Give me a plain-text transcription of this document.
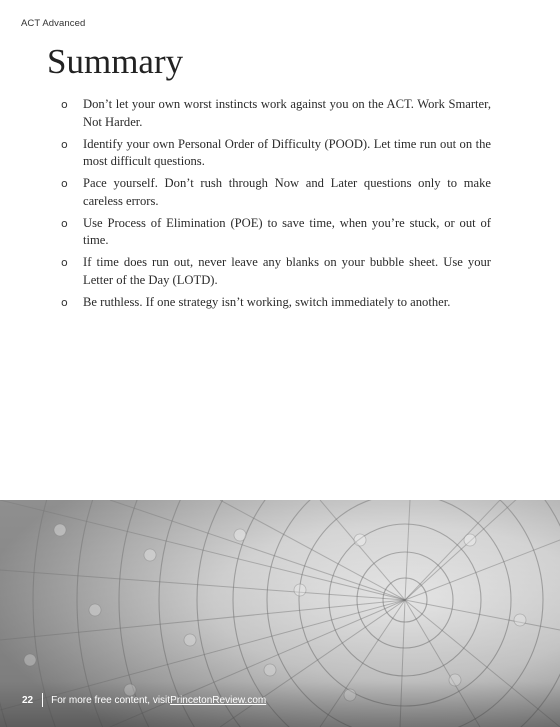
ACT Advanced
Summary
o Don’t let your own worst instincts work against you on the ACT. Work Smarter, Not Harder.
o Identify your own Personal Order of Difficulty (POOD). Let time run out on the most difficult questions.
o Pace yourself. Don’t rush through Now and Later questions only to make careless errors.
o Use Process of Elimination (POE) to save time, when you’re stuck, or out of time.
o If time does run out, never leave any blanks on your bubble sheet. Use your Letter of the Day (LOTD).
o Be ruthless. If one strategy isn’t working, switch immediately to another.
22 For more free content, visit PrincetonReview.com
